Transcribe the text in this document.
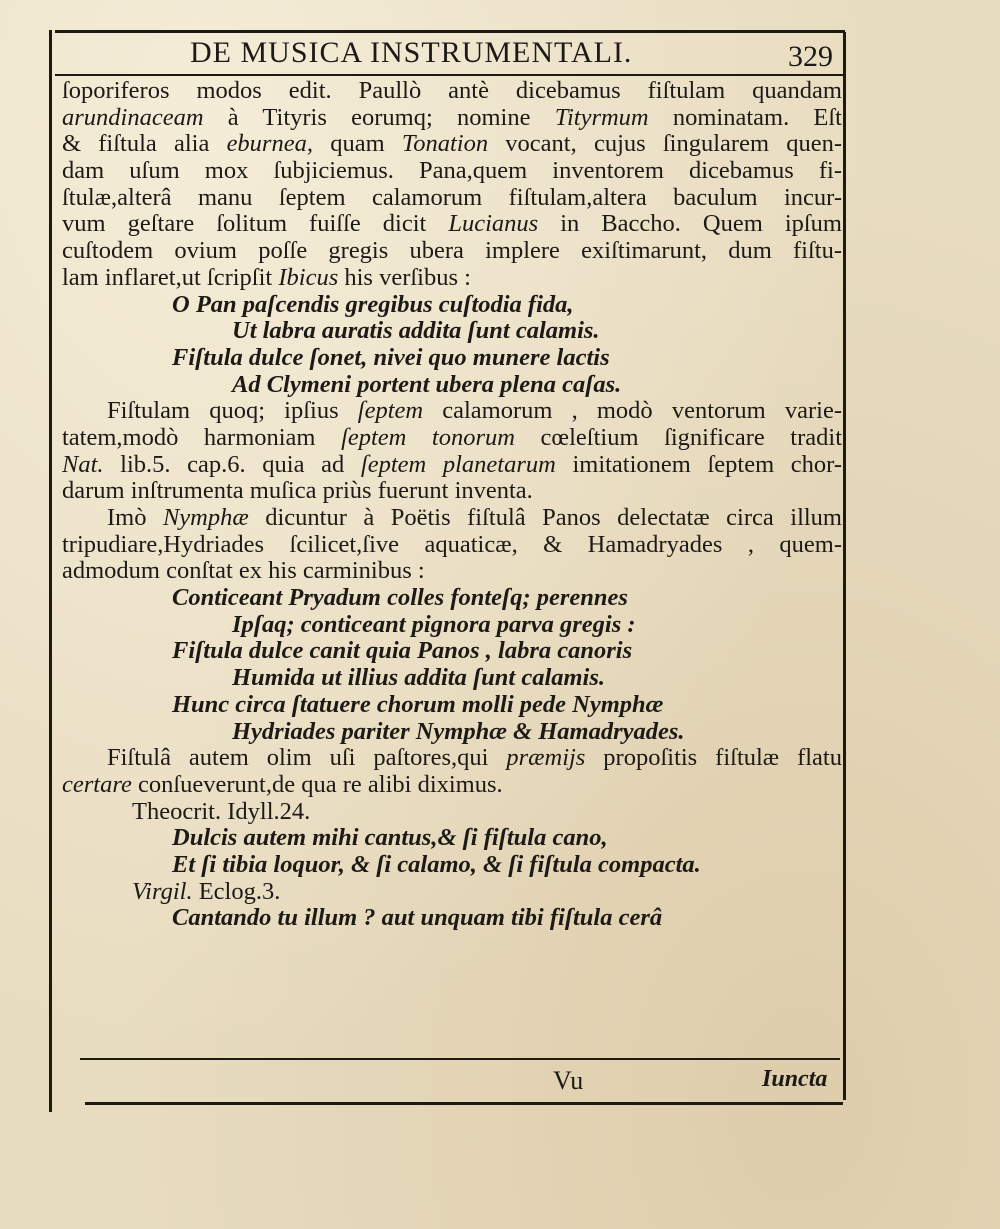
DE MUSICA INSTRUMENTALI.	329
ſoporiferos modos edit. Paullò antè dicebamus fiſtulam quandam
arundinaceam à Tityris eorumq; nomine Tityrmum nominatam. Eſt
& fiſtula alia eburnea, quam Tonation vocant, cujus ſingularem quen-
dam uſum mox ſubjiciemus. Pana,quem inventorem dicebamus fi-
ſtulæ,alterâ manu ſeptem calamorum fiſtulam,altera baculum incur-
vum geſtare ſolitum fuiſſe dicit Lucianus in Baccho. Quem ipſum
cuſtodem ovium poſſe gregis ubera implere exiſtimarunt, dum fiſtu-
lam inflaret,ut ſcripſit Ibicus his verſibus :
O Pan paſcendis gregibus cuſtodia fida,
Ut labra auratis addita ſunt calamis.
Fiſtula dulce ſonet, nivei quo munere lactis
Ad Clymeni portent ubera plena caſas.
Fiſtulam quoq; ipſius ſeptem calamorum , modò ventorum varie-
tatem,modò harmoniam ſeptem tonorum cœleſtium ſignificare tradit
Nat. lib.5. cap.6. quia ad ſeptem planetarum imitationem ſeptem chor-
darum inſtrumenta muſica priùs fuerunt inventa.
Imò Nymphæ dicuntur à Poëtis fiſtulâ Panos delectatæ circa illum
tripudiare,Hydriades ſcilicet,ſive aquaticæ, & Hamadryades , quem-
admodum conſtat ex his carminibus :
Conticeant Pryadum colles fonteſq; perennes
Ipſaq; conticeant pignora parva gregis :
Fiſtula dulce canit quia Panos , labra canoris
Humida ut illius addita ſunt calamis.
Hunc circa ſtatuere chorum molli pede Nymphæ
Hydriades pariter Nymphæ & Hamadryades.
Fiſtulâ autem olim uſi paſtores,qui præmijs propoſitis fiſtulæ flatu
certare conſueverunt,de qua re alibi diximus.
Theocrit. Idyll.24.
Dulcis autem mihi cantus,& ſi fiſtula cano,
Et ſi tibia loquor, & ſi calamo, & ſi fiſtula compacta.
Virgil. Eclog.3.
Cantando tu illum ? aut unquam tibi fiſtula cerâ
Vu	Iuncta
